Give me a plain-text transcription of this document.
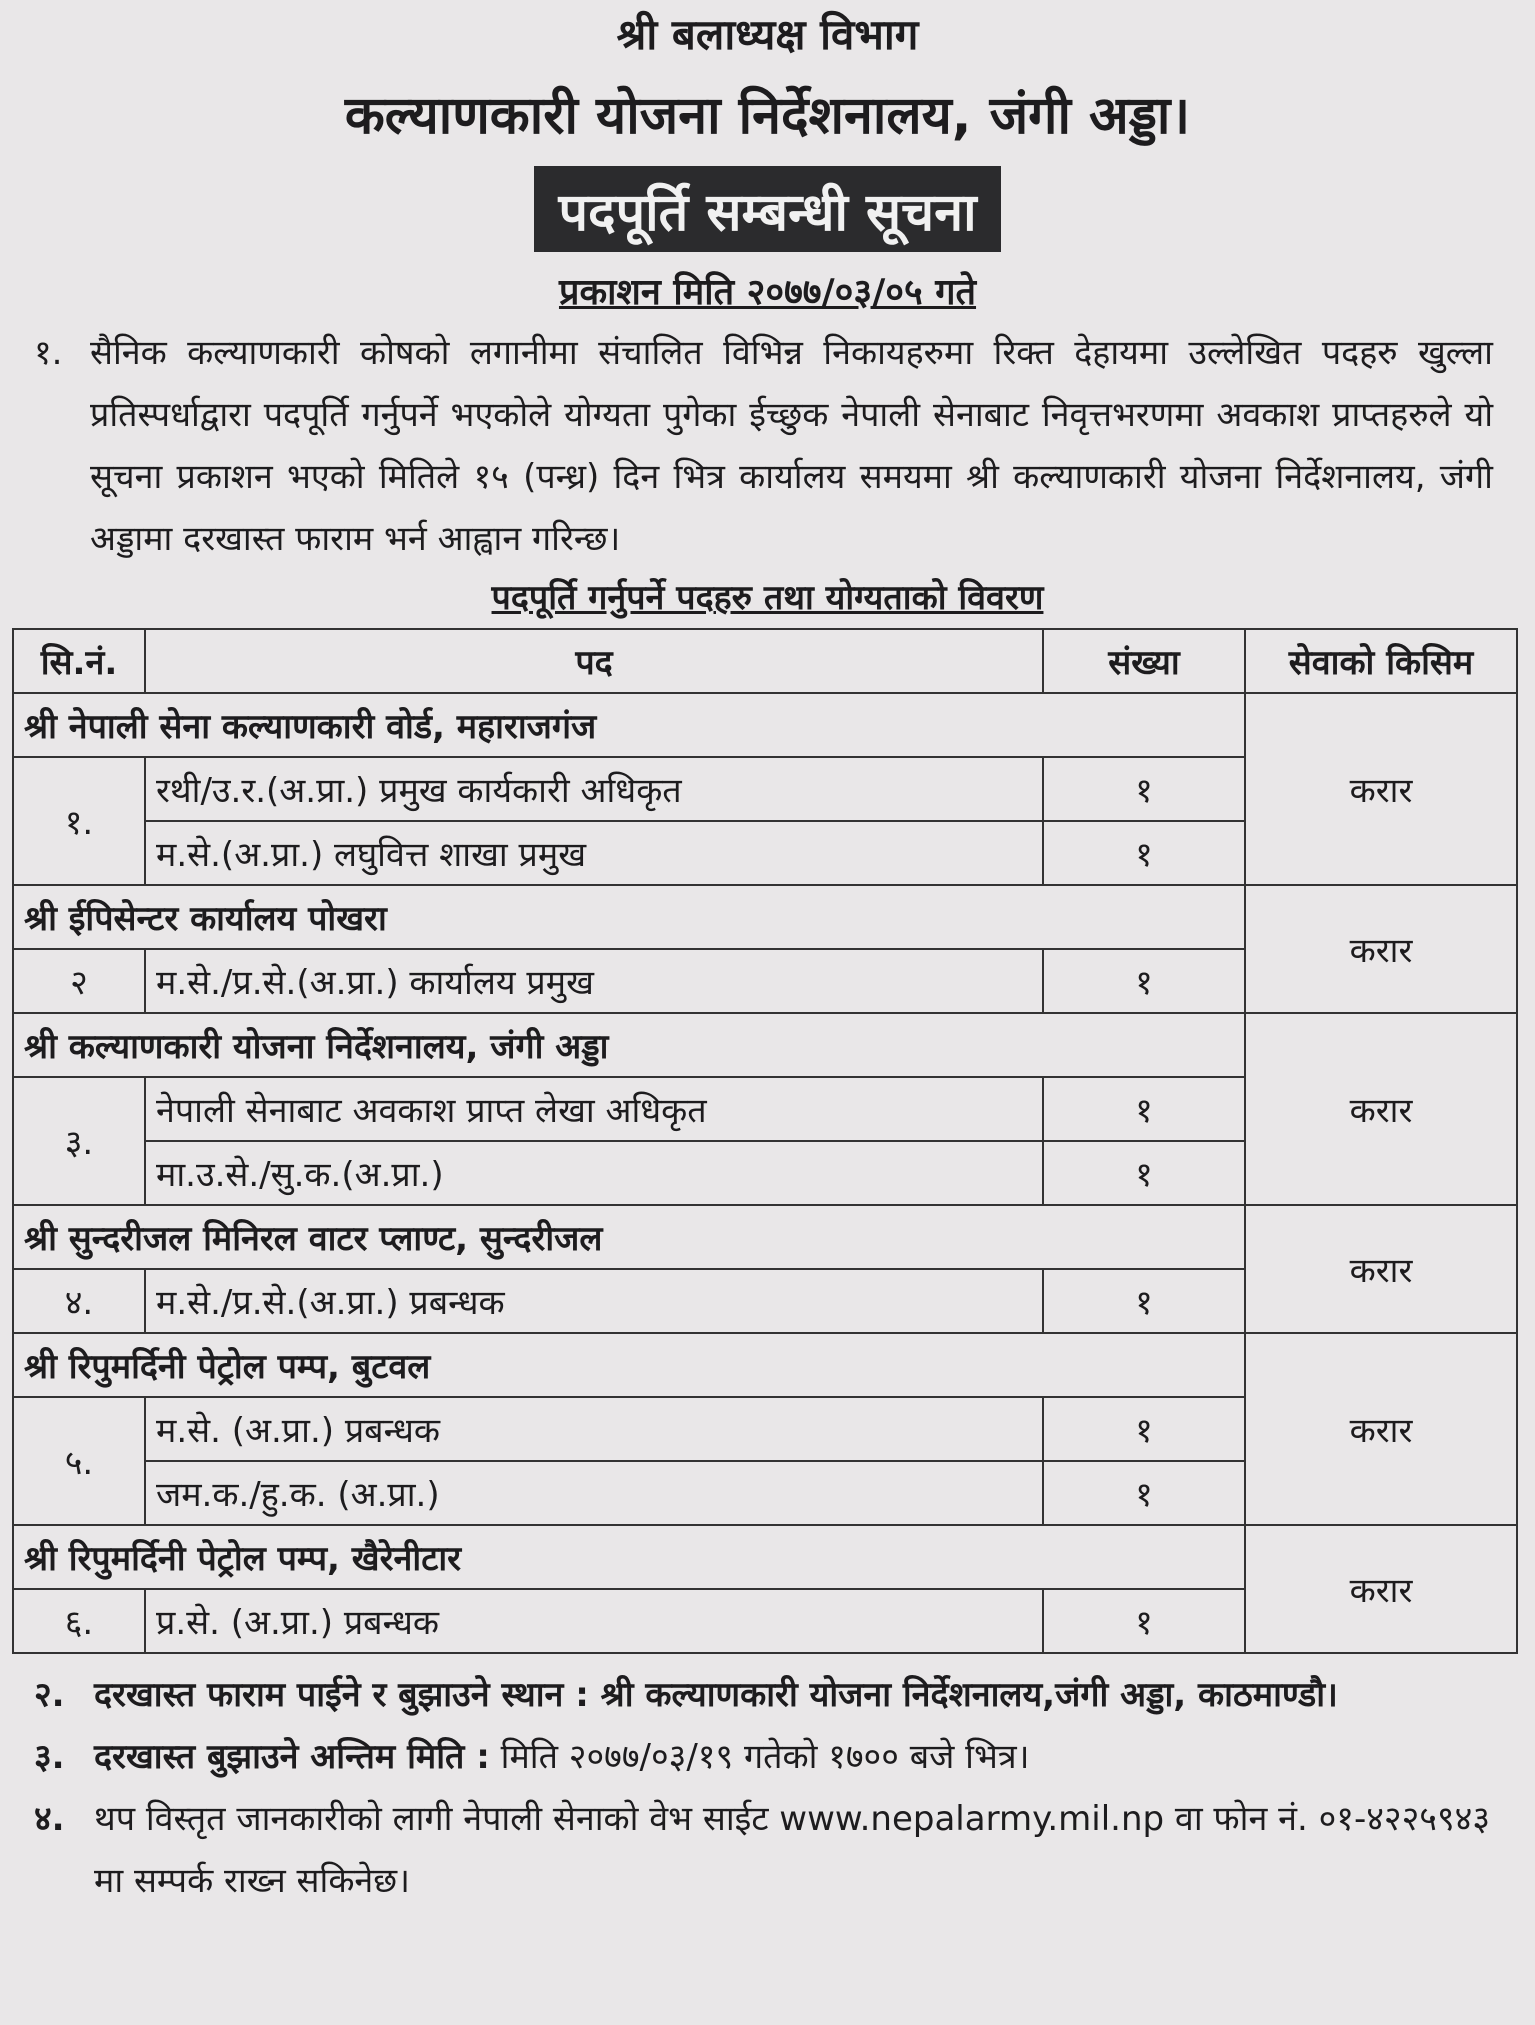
श्री बलाध्यक्ष विभाग
कल्याणकारी योजना निर्देशनालय, जंगी अड्डा।
पदपूर्ति सम्बन्धी सूचना
प्रकाशन मिति २०७७/०३/०५ गते
१. सैनिक कल्याणकारी कोषको लगानीमा संचालित विभिन्न निकायहरुमा रिक्त देहायमा उल्लेखित पदहरु खुल्ला प्रतिस्पर्धाद्वारा पदपूर्ति गर्नुपर्ने भएकोले योग्यता पुगेका ईच्छुक नेपाली सेनाबाट निवृत्तभरणमा अवकाश प्राप्तहरुले यो सूचना प्रकाशन भएको मितिले १५ (पन्ध्र) दिन भित्र कार्यालय समयमा श्री कल्याणकारी योजना निर्देशनालय, जंगी अड्डामा दरखास्त फाराम भर्न आह्वान गरिन्छ।
पदपूर्ति गर्नुपर्ने पदहरु तथा योग्यताको विवरण
सि.नं.	पद	संख्या	सेवाको किसिम
श्री नेपाली सेना कल्याणकारी वोर्ड, महाराजगंज			करार
१.	रथी/उ.र.(अ.प्रा.) प्रमुख कार्यकारी अधिकृत	१	
	म.से.(अ.प्रा.) लघुवित्त शाखा प्रमुख	१	
श्री ईपिसेन्टर कार्यालय पोखरा			करार
२	म.से./प्र.से.(अ.प्रा.) कार्यालय प्रमुख	१	
श्री कल्याणकारी योजना निर्देशनालय, जंगी अड्डा			करार
३.	नेपाली सेनाबाट अवकाश प्राप्त लेखा अधिकृत	१	
	मा.उ.से./सु.क.(अ.प्रा.)	१	
श्री सुन्दरीजल मिनिरल वाटर प्लाण्ट, सुन्दरीजल			करार
४.	म.से./प्र.से.(अ.प्रा.) प्रबन्धक	१	
श्री रिपुमर्दिनी पेट्रोल पम्प, बुटवल			करार
५.	म.से. (अ.प्रा.) प्रबन्धक	१	
	जम.क./हु.क. (अ.प्रा.)	१	
श्री रिपुमर्दिनी पेट्रोल पम्प, खैरेनीटार			करार
६.	प्र.से. (अ.प्रा.) प्रबन्धक	१	
२. दरखास्त फाराम पाईने र बुझाउने स्थान : श्री कल्याणकारी योजना निर्देशनालय,जंगी अड्डा, काठमाण्डौ।
३. दरखास्त बुझाउने अन्तिम मिति : मिति २०७७/०३/१९ गतेको १७०० बजे भित्र।
४. थप विस्तृत जानकारीको लागी नेपाली सेनाको वेभ साईट www.nepalarmy.mil.np वा फोन नं. ०१-४२२५९४३ मा सम्पर्क राख्न सकिनेछ।
